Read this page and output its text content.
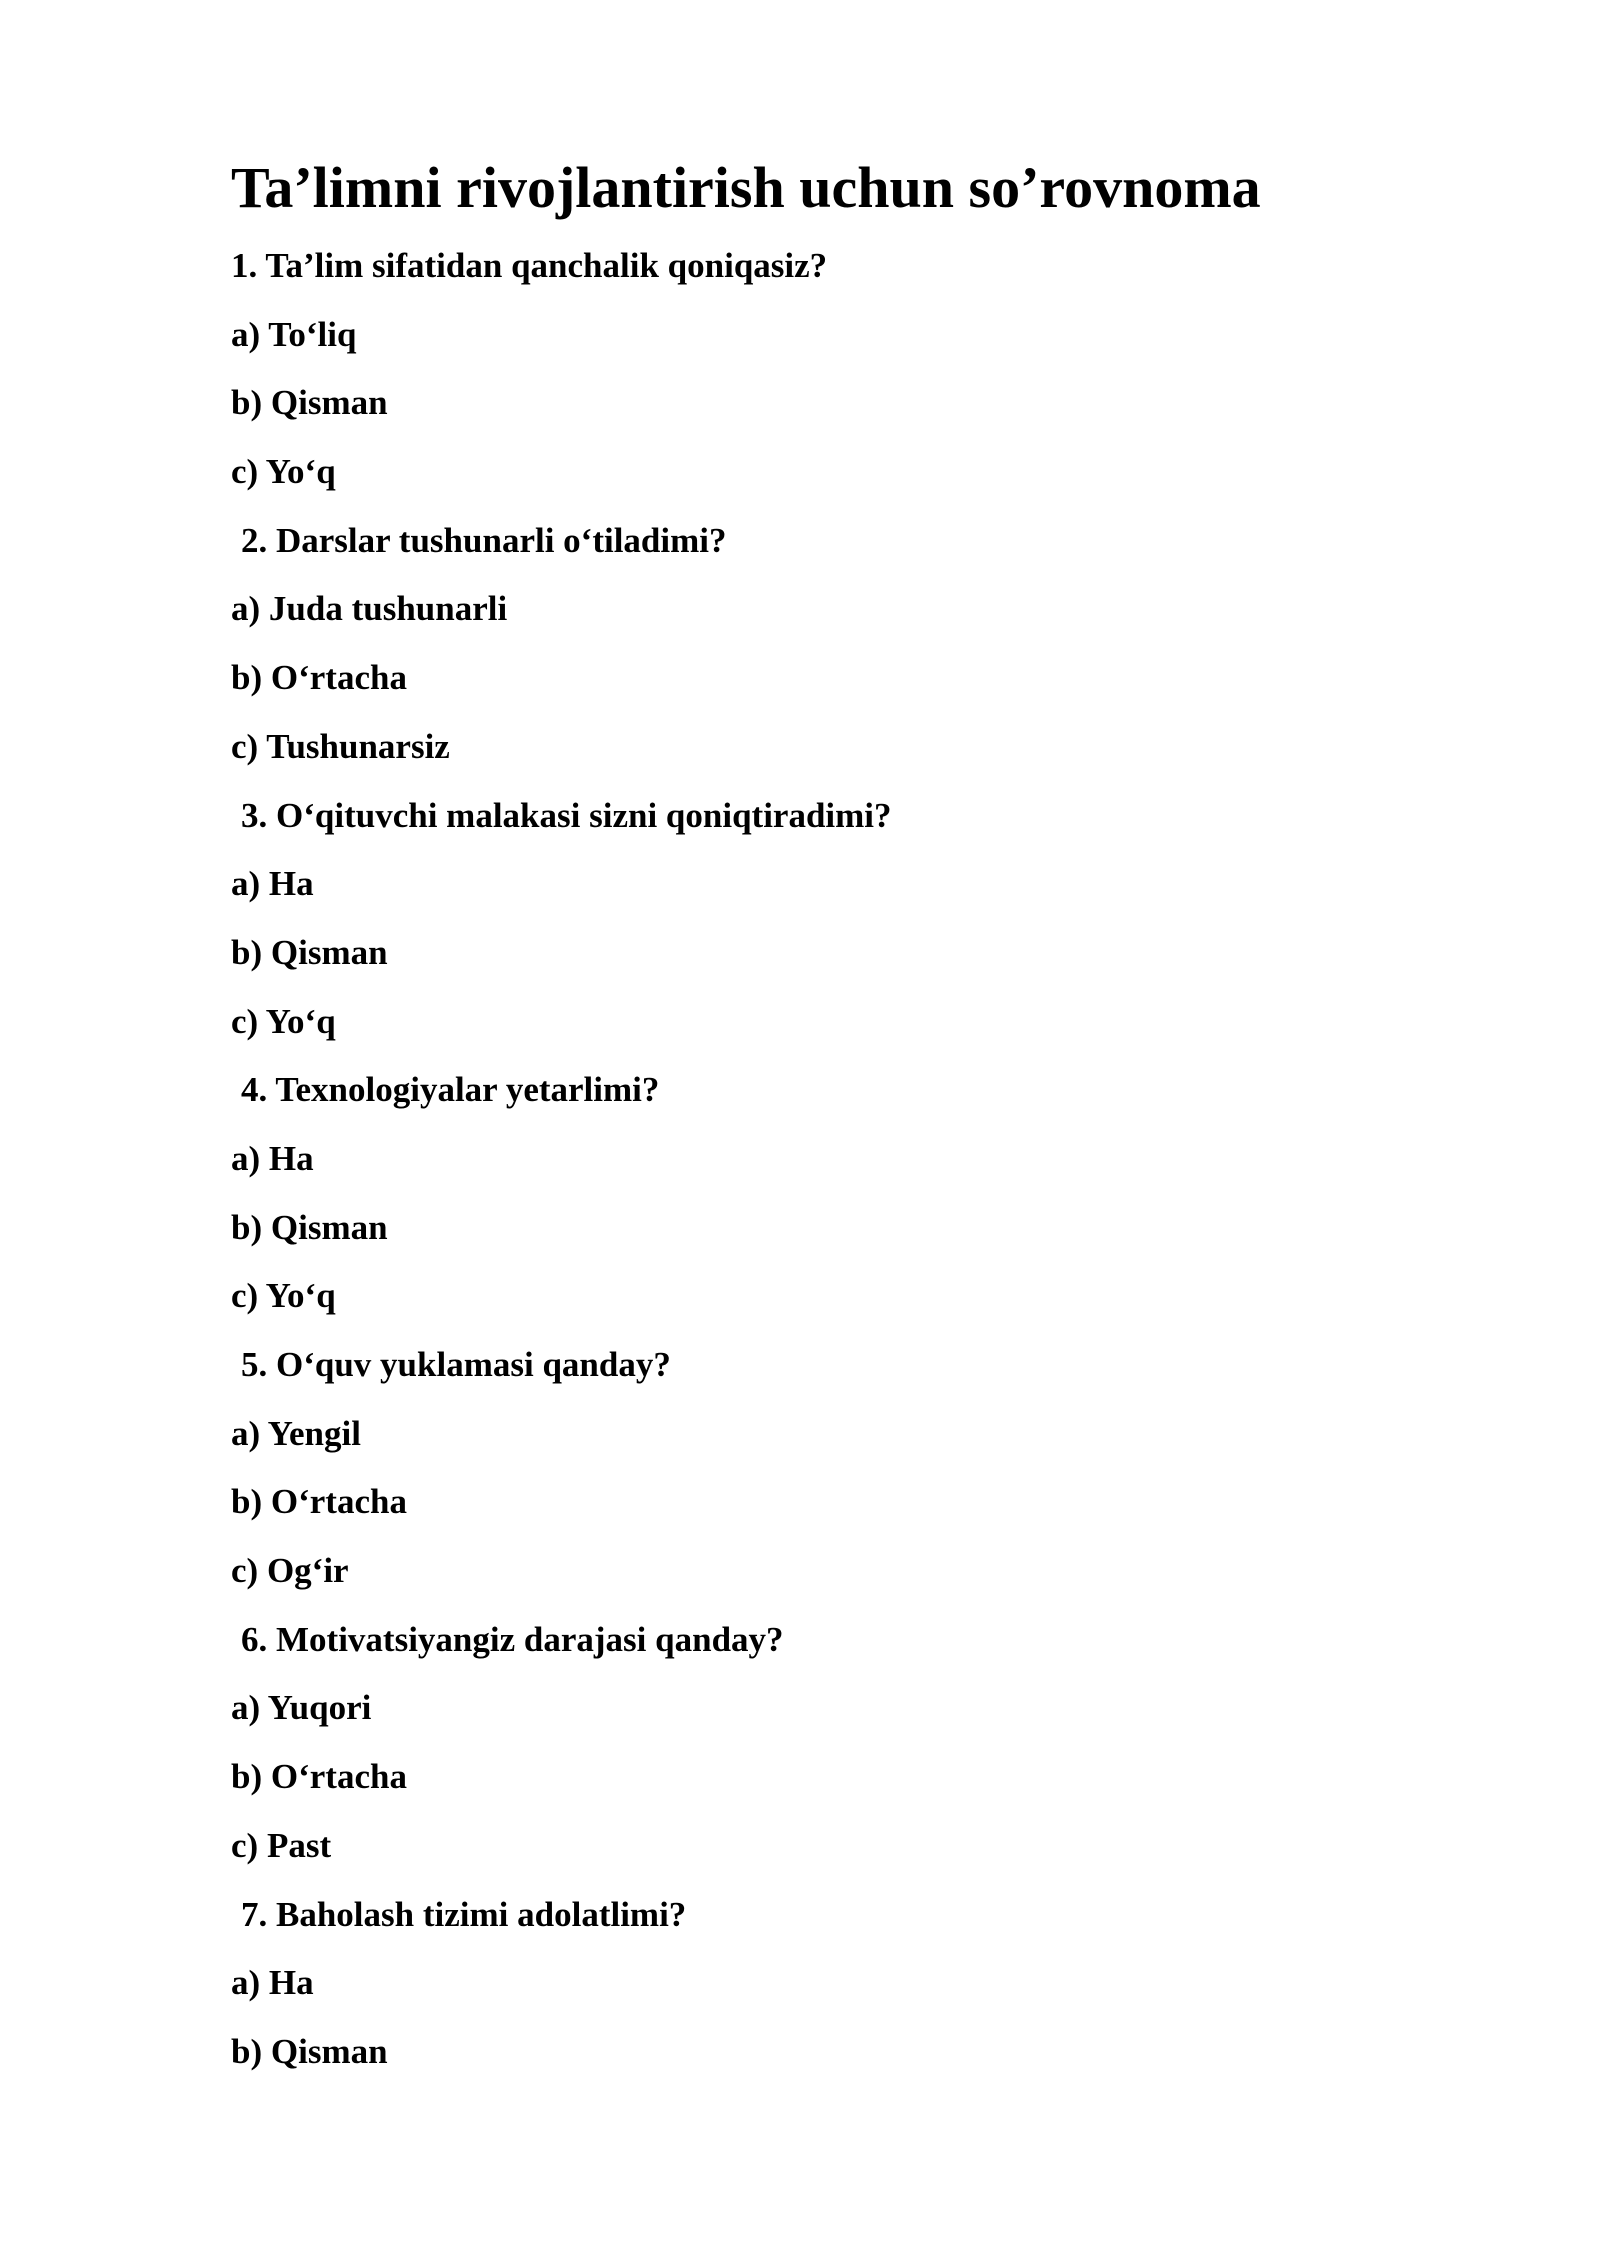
Ta’limni rivojlantirish uchun so’rovnoma
1. Ta’lim sifatidan qanchalik qoniqasiz?
a) To‘liq
b) Qisman
c) Yo‘q
2. Darslar tushunarli o‘tiladimi?
a) Juda tushunarli
b) O‘rtacha
c) Tushunarsiz
3. O‘qituvchi malakasi sizni qoniqtiradimi?
a) Ha
b) Qisman
c) Yo‘q
4. Texnologiyalar yetarlimi?
a) Ha
b) Qisman
c) Yo‘q
5. O‘quv yuklamasi qanday?
a) Yengil
b) O‘rtacha
c) Og‘ir
6. Motivatsiyangiz darajasi qanday?
a) Yuqori
b) O‘rtacha
c) Past
7. Baholash tizimi adolatlimi?
a) Ha
b) Qisman
